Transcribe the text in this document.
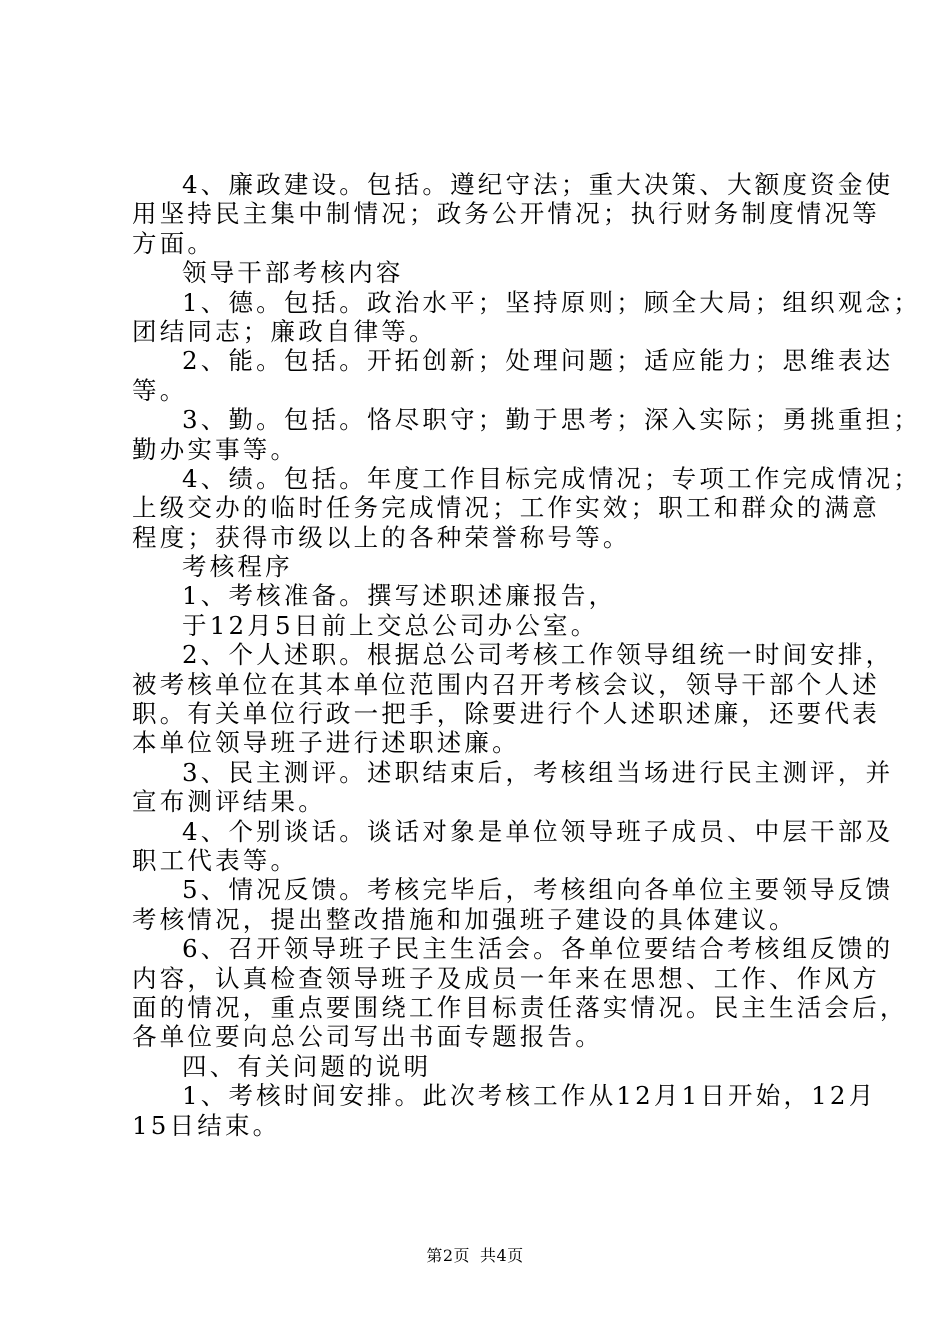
4、廉政建设。包括。遵纪守法；重大决策、大额度资金使
用坚持民主集中制情况；政务公开情况；执行财务制度情况等
方面。
领导干部考核内容
1、德。包括。政治水平；坚持原则；顾全大局；组织观念；
团结同志；廉政自律等。
2、能。包括。开拓创新；处理问题；适应能力；思维表达
等。
3、勤。包括。恪尽职守；勤于思考；深入实际；勇挑重担；
勤办实事等。
4、绩。包括。年度工作目标完成情况；专项工作完成情况；
上级交办的临时任务完成情况；工作实效；职工和群众的满意
程度；获得市级以上的各种荣誉称号等。
考核程序
1、考核准备。撰写述职述廉报告，
于12月5日前上交总公司办公室。
2、个人述职。根据总公司考核工作领导组统一时间安排，
被考核单位在其本单位范围内召开考核会议，领导干部个人述
职。有关单位行政一把手，除要进行个人述职述廉，还要代表
本单位领导班子进行述职述廉。
3、民主测评。述职结束后，考核组当场进行民主测评，并
宣布测评结果。
4、个别谈话。谈话对象是单位领导班子成员、中层干部及
职工代表等。
5、情况反馈。考核完毕后，考核组向各单位主要领导反馈
考核情况，提出整改措施和加强班子建设的具体建议。
6、召开领导班子民主生活会。各单位要结合考核组反馈的
内容，认真检查领导班子及成员一年来在思想、工作、作风方
面的情况，重点要围绕工作目标责任落实情况。民主生活会后，
各单位要向总公司写出书面专题报告。
四、有关问题的说明
1、考核时间安排。此次考核工作从12月1日开始，12月
15日结束。
第2页 共4页
